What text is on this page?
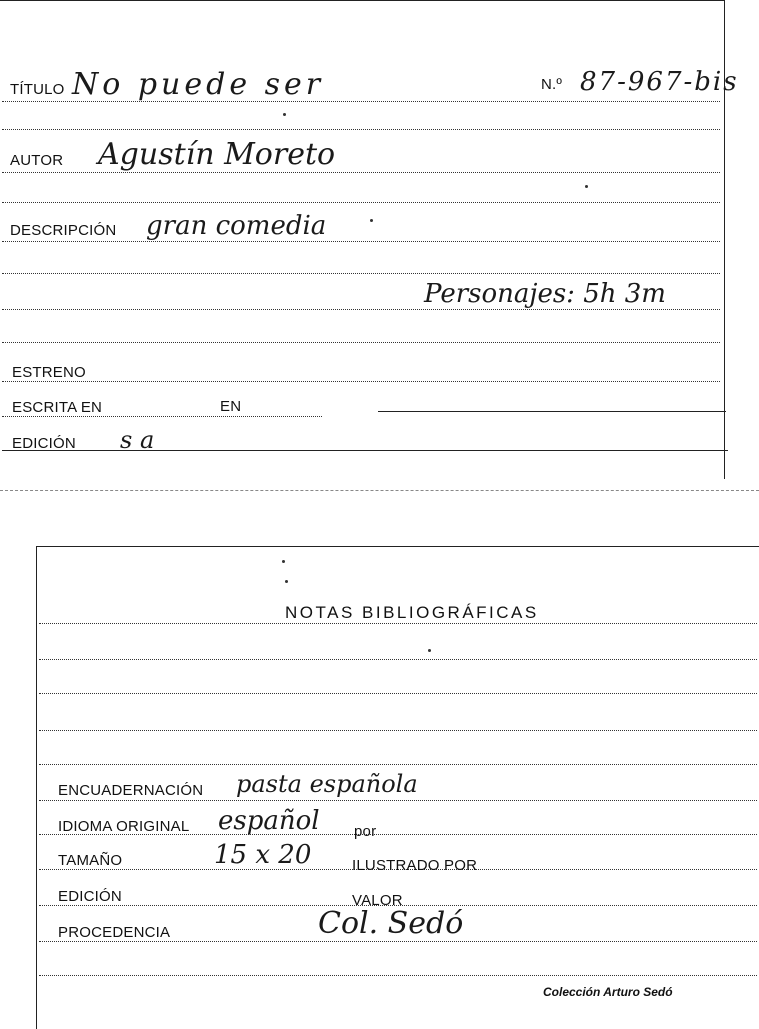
TÍTULO No puede ser	N.º 87-967-bis
AUTOR Agustín Moreto
DESCRIPCIÓN gran comedia
Personajes: 5h 3m
ESTRENO
ESCRITA EN	EN
EDICIÓN s a
NOTAS BIBLIOGRÁFICAS
ENCUADERNACIÓN pasta española
IDIOMA ORIGINAL español por
TAMAÑO	15 x 20	ILUSTRADO POR
EDICIÓN	VALOR
PROCEDENCIA	Col. Sedó
Colección Arturo Sedó
